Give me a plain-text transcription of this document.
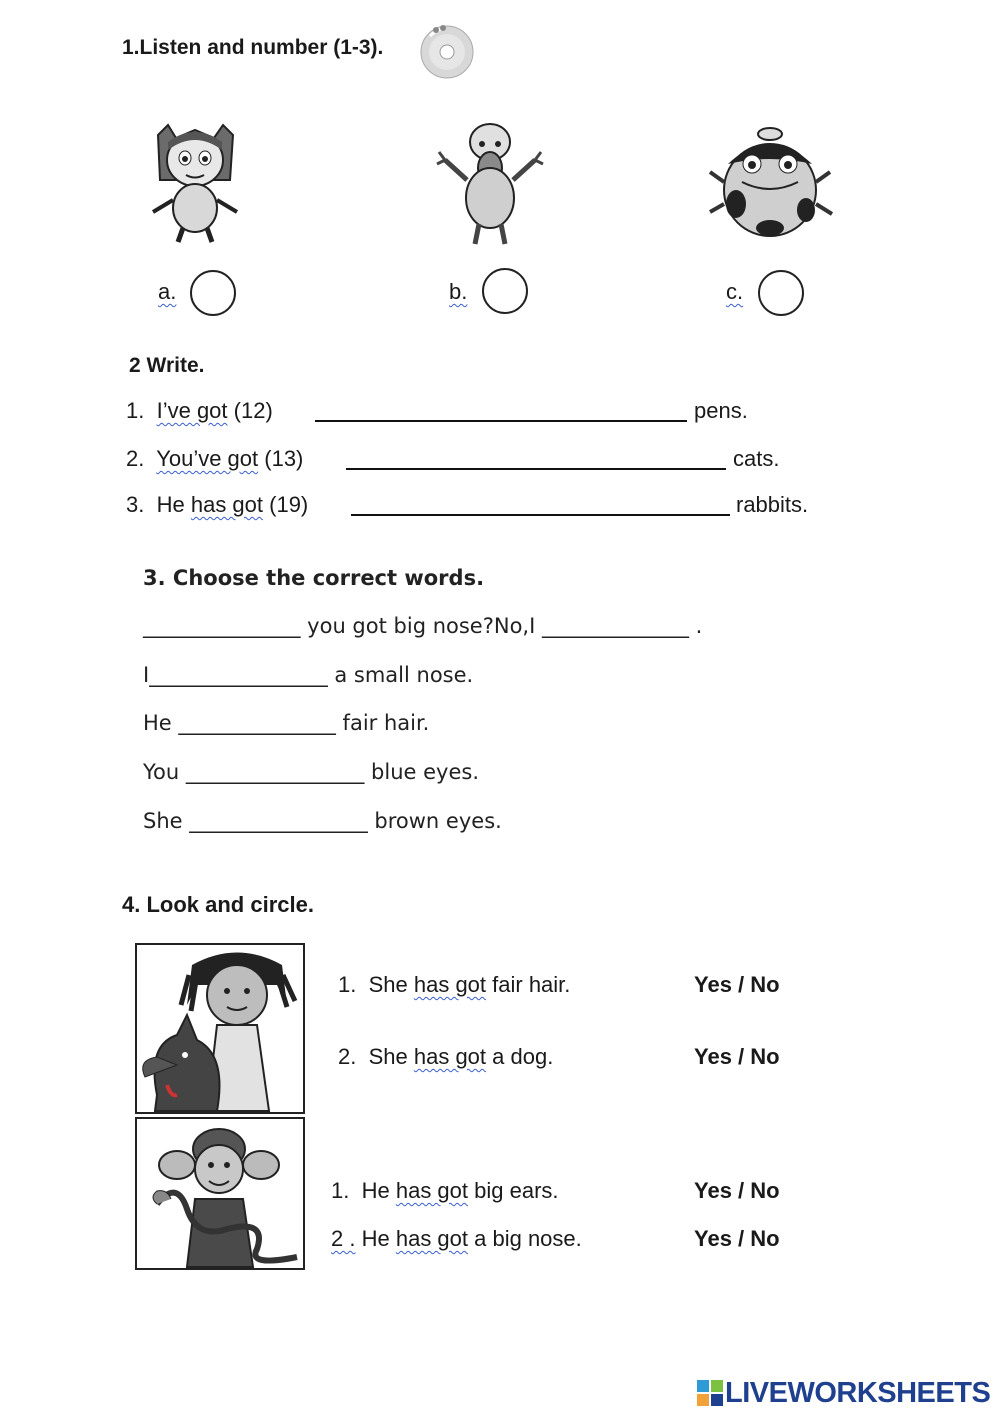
1.Listen and number (1-3).
a.	b.	c.
2 Write.
1. I’ve got (12)	pens.
2. You’ve got (13)	cats.
3. He has got (19)	rabbits.
3. Choose the correct words.
_______________ you got big nose?No,I ______________ .
I_________________ a small nose.
He _______________ fair hair.
You _________________ blue eyes.
She _________________ brown eyes.
4. Look and circle.
1. She has got fair hair.	Yes / No
2. She has got a dog.	Yes / No
1. He has got big ears.	Yes / No
2 . He has got a big nose.	Yes / No
LIVEWORKSHEETS
